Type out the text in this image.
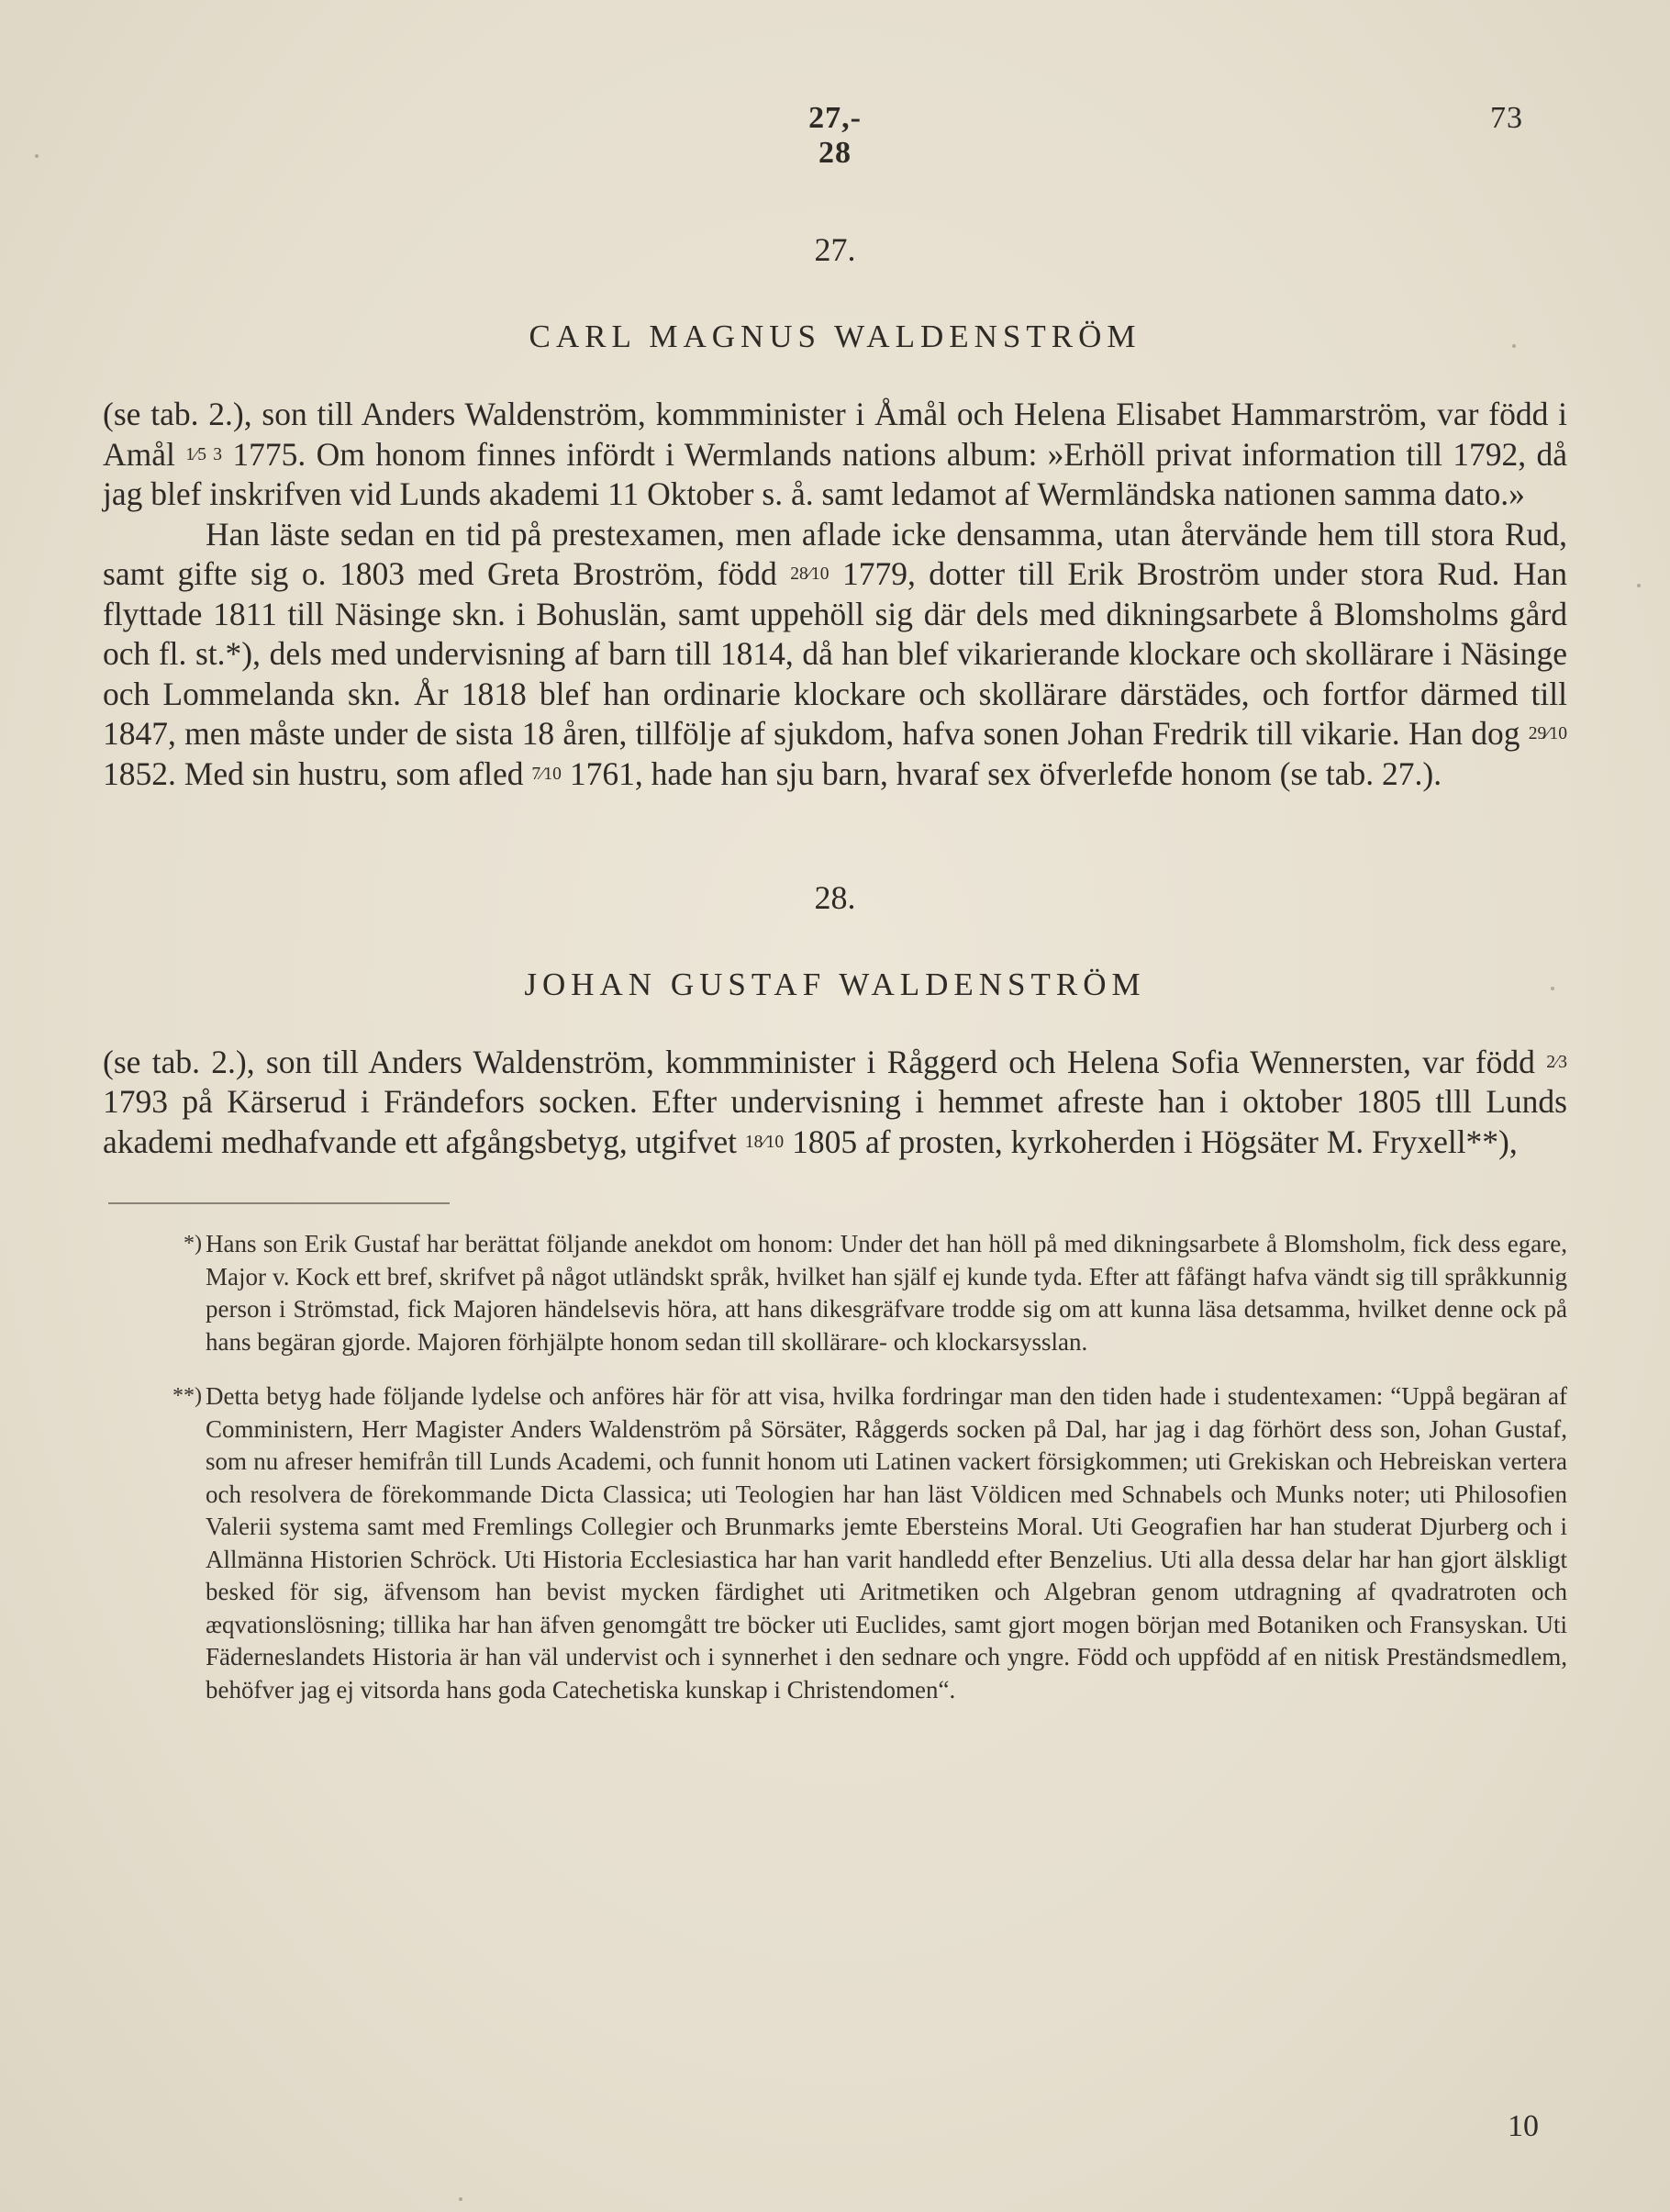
27,- 28
73
27.
CARL MAGNUS WALDENSTRÖM

(se tab. 2.), son till Anders Waldenström, kommminister i Åmål och Helena Elisabet Hammarström, var född i Amål 1⁄5 3 1775. Om honom finnes infördt i Wermlands nations album: »Erhöll privat information till 1792, då jag blef inskrifven vid Lunds akademi 11 Oktober s. å. samt ledamot af Wermländska nationen samma dato.»

Han läste sedan en tid på prestexamen, men aflade icke densamma, utan återvände hem till stora Rud, samt gifte sig o. 1803 med Greta Broström, född 28⁄10 1779, dotter till Erik Broström under stora Rud. Han flyttade 1811 till Näsinge skn. i Bohuslän, samt uppehöll sig där dels med dikningsarbete å Blomsholms gård och fl. st.*), dels med undervisning af barn till 1814, då han blef vikarierande klockare och skollärare i Näsinge och Lommelanda skn. År 1818 blef han ordinarie klockare och skollärare därstädes, och fortfor därmed till 1847, men måste under de sista 18 åren, tillfölje af sjukdom, hafva sonen Johan Fredrik till vikarie. Han dog 29⁄10 1852. Med sin hustru, som afled 7⁄10 1761, hade han sju barn, hvaraf sex öfverlefde honom (se tab. 27.).

28.
JOHAN GUSTAF WALDENSTRÖM

(se tab. 2.), son till Anders Waldenström, kommminister i Råggerd och Helena Sofia Wennersten, var född 2⁄3 1793 på Kärserud i Frändefors socken. Efter undervisning i hemmet afreste han i oktober 1805 tlll Lunds akademi medhafvande ett afgångsbetyg, utgifvet 18⁄10 1805 af prosten, kyrkoherden i Högsäter M. Fryxell**),

*) Hans son Erik Gustaf har berättat följande anekdot om honom: Under det han höll på med dikningsarbete å Blomsholm, fick dess egare, Major v. Kock ett bref, skrifvet på något utländskt språk, hvilket han själf ej kunde tyda. Efter att fåfängt hafva vändt sig till språkkunnig person i Strömstad, fick Majoren händelsevis höra, att hans dikesgräfvare trodde sig om att kunna läsa detsamma, hvilket denne ock på hans begäran gjorde. Majoren förhjälpte honom sedan till skollärare- och klockarsysslan.
**) Detta betyg hade följande lydelse och anföres här för att visa, hvilka fordringar man den tiden hade i studentexamen: “Uppå begäran af Comministern, Herr Magister Anders Waldenström på Sörsäter, Råggerds socken på Dal, har jag i dag förhört dess son, Johan Gustaf, som nu afreser hemifrån till Lunds Academi, och funnit honom uti Latinen vackert försigkommen; uti Grekiskan och Hebreiskan vertera och resolvera de förekommande Dicta Classica; uti Teologien har han läst Völdicen med Schnabels och Munks noter; uti Philosofien Valerii systema samt med Fremlings Collegier och Brunmarks jemte Ebersteins Moral. Uti Geografien har han studerat Djurberg och i Allmänna Historien Schröck. Uti Historia Ecclesiastica har han varit handledd efter Benzelius. Uti alla dessa delar har han gjort älskligt besked för sig, äfvensom han bevist mycken färdighet uti Aritmetiken och Algebran genom utdragning af qvadratroten och æqvationslösning; tillika har han äfven genomgått tre böcker uti Euclides, samt gjort mogen början med Botaniken och Fransyskan. Uti Fäderneslandets Historia är han väl undervist och i synnerhet i den sednare och yngre. Född och uppfödd af en nitisk Preständsmedlem, behöfver jag ej vitsorda hans goda Catechetiska kunskap i Christendomen“.
10
